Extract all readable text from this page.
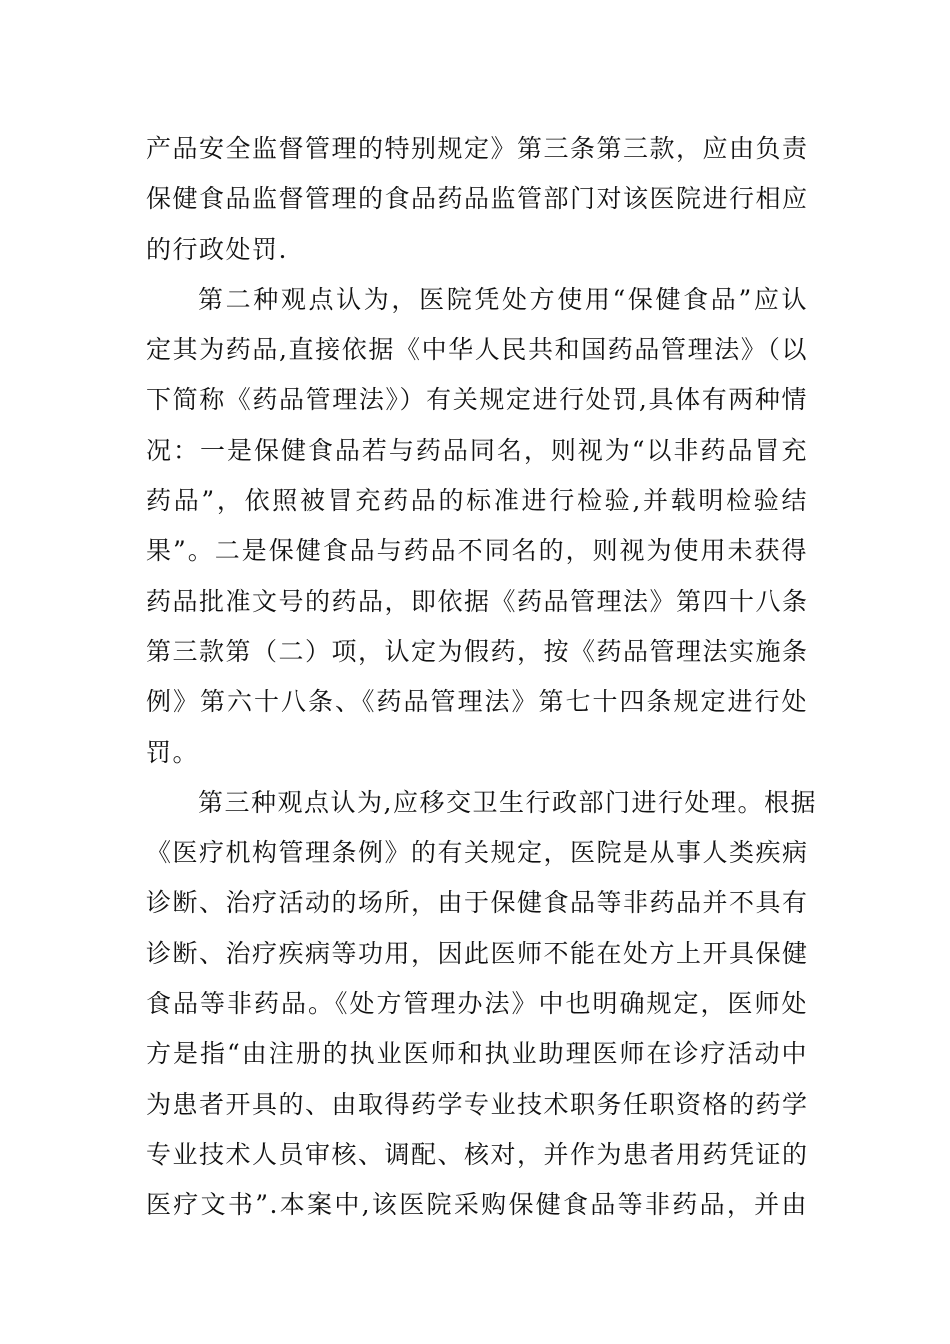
产品安全监督管理的特别规定》第三条第三款，应由负责
保健食品监督管理的食品药品监管部门对该医院进行相应
的行政处罚.
第二种观点认为，医院凭处方使用“保健食品”应认
定其为药品,直接依据《中华人民共和国药品管理法》（以
下简称《药品管理法》）有关规定进行处罚,具体有两种情
况：一是保健食品若与药品同名，则视为“以非药品冒充
药品”，依照被冒充药品的标准进行检验,并载明检验结
果”。二是保健食品与药品不同名的，则视为使用未获得
药品批准文号的药品，即依据《药品管理法》第四十八条
第三款第（二）项，认定为假药，按《药品管理法实施条
例》第六十八条、《药品管理法》第七十四条规定进行处
罚。
第三种观点认为,应移交卫生行政部门进行处理。根据
《医疗机构管理条例》的有关规定，医院是从事人类疾病
诊断、治疗活动的场所，由于保健食品等非药品并不具有
诊断、治疗疾病等功用，因此医师不能在处方上开具保健
食品等非药品。《处方管理办法》中也明确规定，医师处
方是指“由注册的执业医师和执业助理医师在诊疗活动中
为患者开具的、由取得药学专业技术职务任职资格的药学
专业技术人员审核、调配、核对，并作为患者用药凭证的
医疗文书”.本案中,该医院采购保健食品等非药品，并由
